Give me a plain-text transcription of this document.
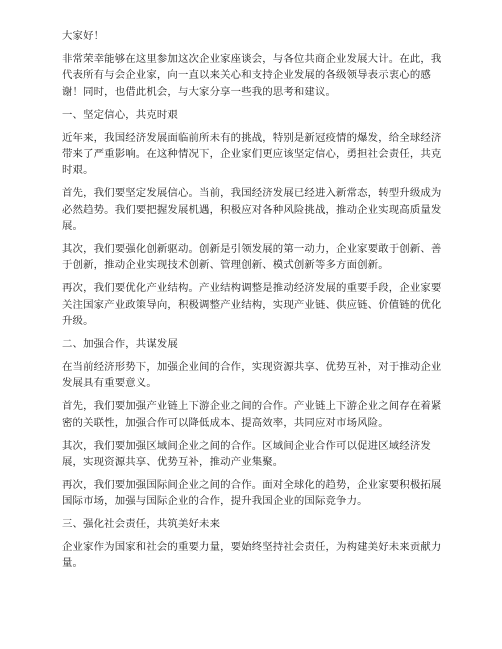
大家好！

非常荣幸能够在这里参加这次企业家座谈会，与各位共商企业发展大计。在此，我代表所有与会企业家，向一直以来关心和支持企业发展的各级领导表示衷心的感谢！同时，也借此机会，与大家分享一些我的思考和建议。

一、坚定信心，共克时艰

近年来，我国经济发展面临前所未有的挑战，特别是新冠疫情的爆发，给全球经济带来了严重影响。在这种情况下，企业家们更应该坚定信心，勇担社会责任，共克时艰。

首先，我们要坚定发展信心。当前，我国经济发展已经进入新常态，转型升级成为必然趋势。我们要把握发展机遇，积极应对各种风险挑战，推动企业实现高质量发展。

其次，我们要强化创新驱动。创新是引领发展的第一动力，企业家要敢于创新、善于创新，推动企业实现技术创新、管理创新、模式创新等多方面创新。

再次，我们要优化产业结构。产业结构调整是推动经济发展的重要手段，企业家要关注国家产业政策导向，积极调整产业结构，实现产业链、供应链、价值链的优化升级。

二、加强合作，共谋发展

在当前经济形势下，加强企业间的合作，实现资源共享、优势互补，对于推动企业发展具有重要意义。

首先，我们要加强产业链上下游企业之间的合作。产业链上下游企业之间存在着紧密的关联性，加强合作可以降低成本、提高效率，共同应对市场风险。

其次，我们要加强区域间企业之间的合作。区域间企业合作可以促进区域经济发展，实现资源共享、优势互补，推动产业集聚。

再次，我们要加强国际间企业之间的合作。面对全球化的趋势，企业家要积极拓展国际市场，加强与国际企业的合作，提升我国企业的国际竞争力。

三、强化社会责任，共筑美好未来

企业家作为国家和社会的重要力量，要始终坚持社会责任，为构建美好未来贡献力量。
